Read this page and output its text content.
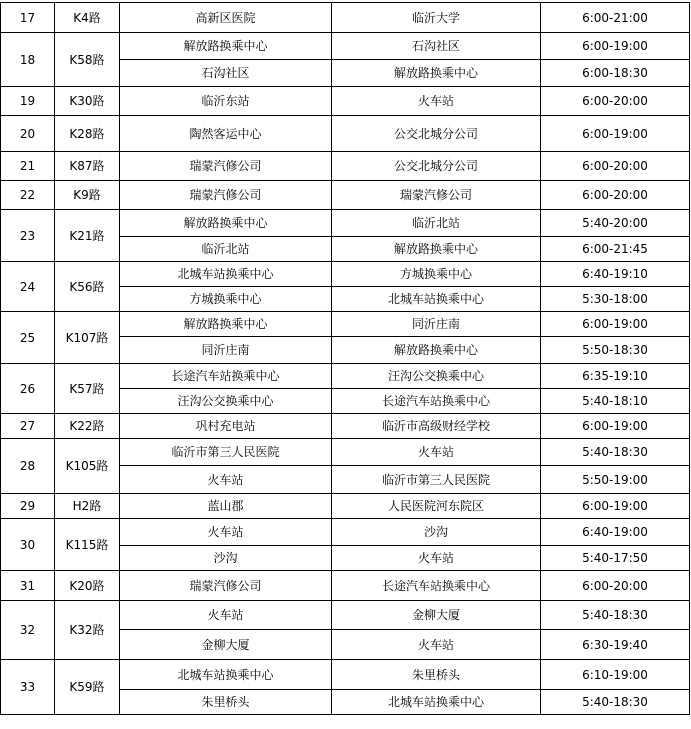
17	K4路	高新区医院	临沂大学	6:00-21:00
18	K58路	解放路换乘中心	石沟社区	6:00-19:00
		石沟社区	解放路换乘中心	6:00-18:30
19	K30路	临沂东站	火车站	6:00-20:00
20	K28路	陶然客运中心	公交北城分公司	6:00-19:00
21	K87路	瑞蒙汽修公司	公交北城分公司	6:00-20:00
22	K9路	瑞蒙汽修公司	瑞蒙汽修公司	6:00-20:00
23	K21路	解放路换乘中心	临沂北站	5:40-20:00
		临沂北站	解放路换乘中心	6:00-21:45
24	K56路	北城车站换乘中心	方城换乘中心	6:40-19:10
		方城换乘中心	北城车站换乘中心	5:30-18:00
25	K107路	解放路换乘中心	同沂庄南	6:00-19:00
		同沂庄南	解放路换乘中心	5:50-18:30
26	K57路	长途汽车站换乘中心	汪沟公交换乘中心	6:35-19:10
		汪沟公交换乘中心	长途汽车站换乘中心	5:40-18:10
27	K22路	巩村充电站	临沂市高级财经学校	6:00-19:00
28	K105路	临沂市第三人民医院	火车站	5:40-18:30
		火车站	临沂市第三人民医院	5:50-19:00
29	H2路	蓝山郡	人民医院河东院区	6:00-19:00
30	K115路	火车站	沙沟	6:40-19:00
		沙沟	火车站	5:40-17:50
31	K20路	瑞蒙汽修公司	长途汽车站换乘中心	6:00-20:00
32	K32路	火车站	金柳大厦	5:40-18:30
		金柳大厦	火车站	6:30-19:40
33	K59路	北城车站换乘中心	朱里桥头	6:10-19:00
		朱里桥头	北城车站换乘中心	5:40-18:30
